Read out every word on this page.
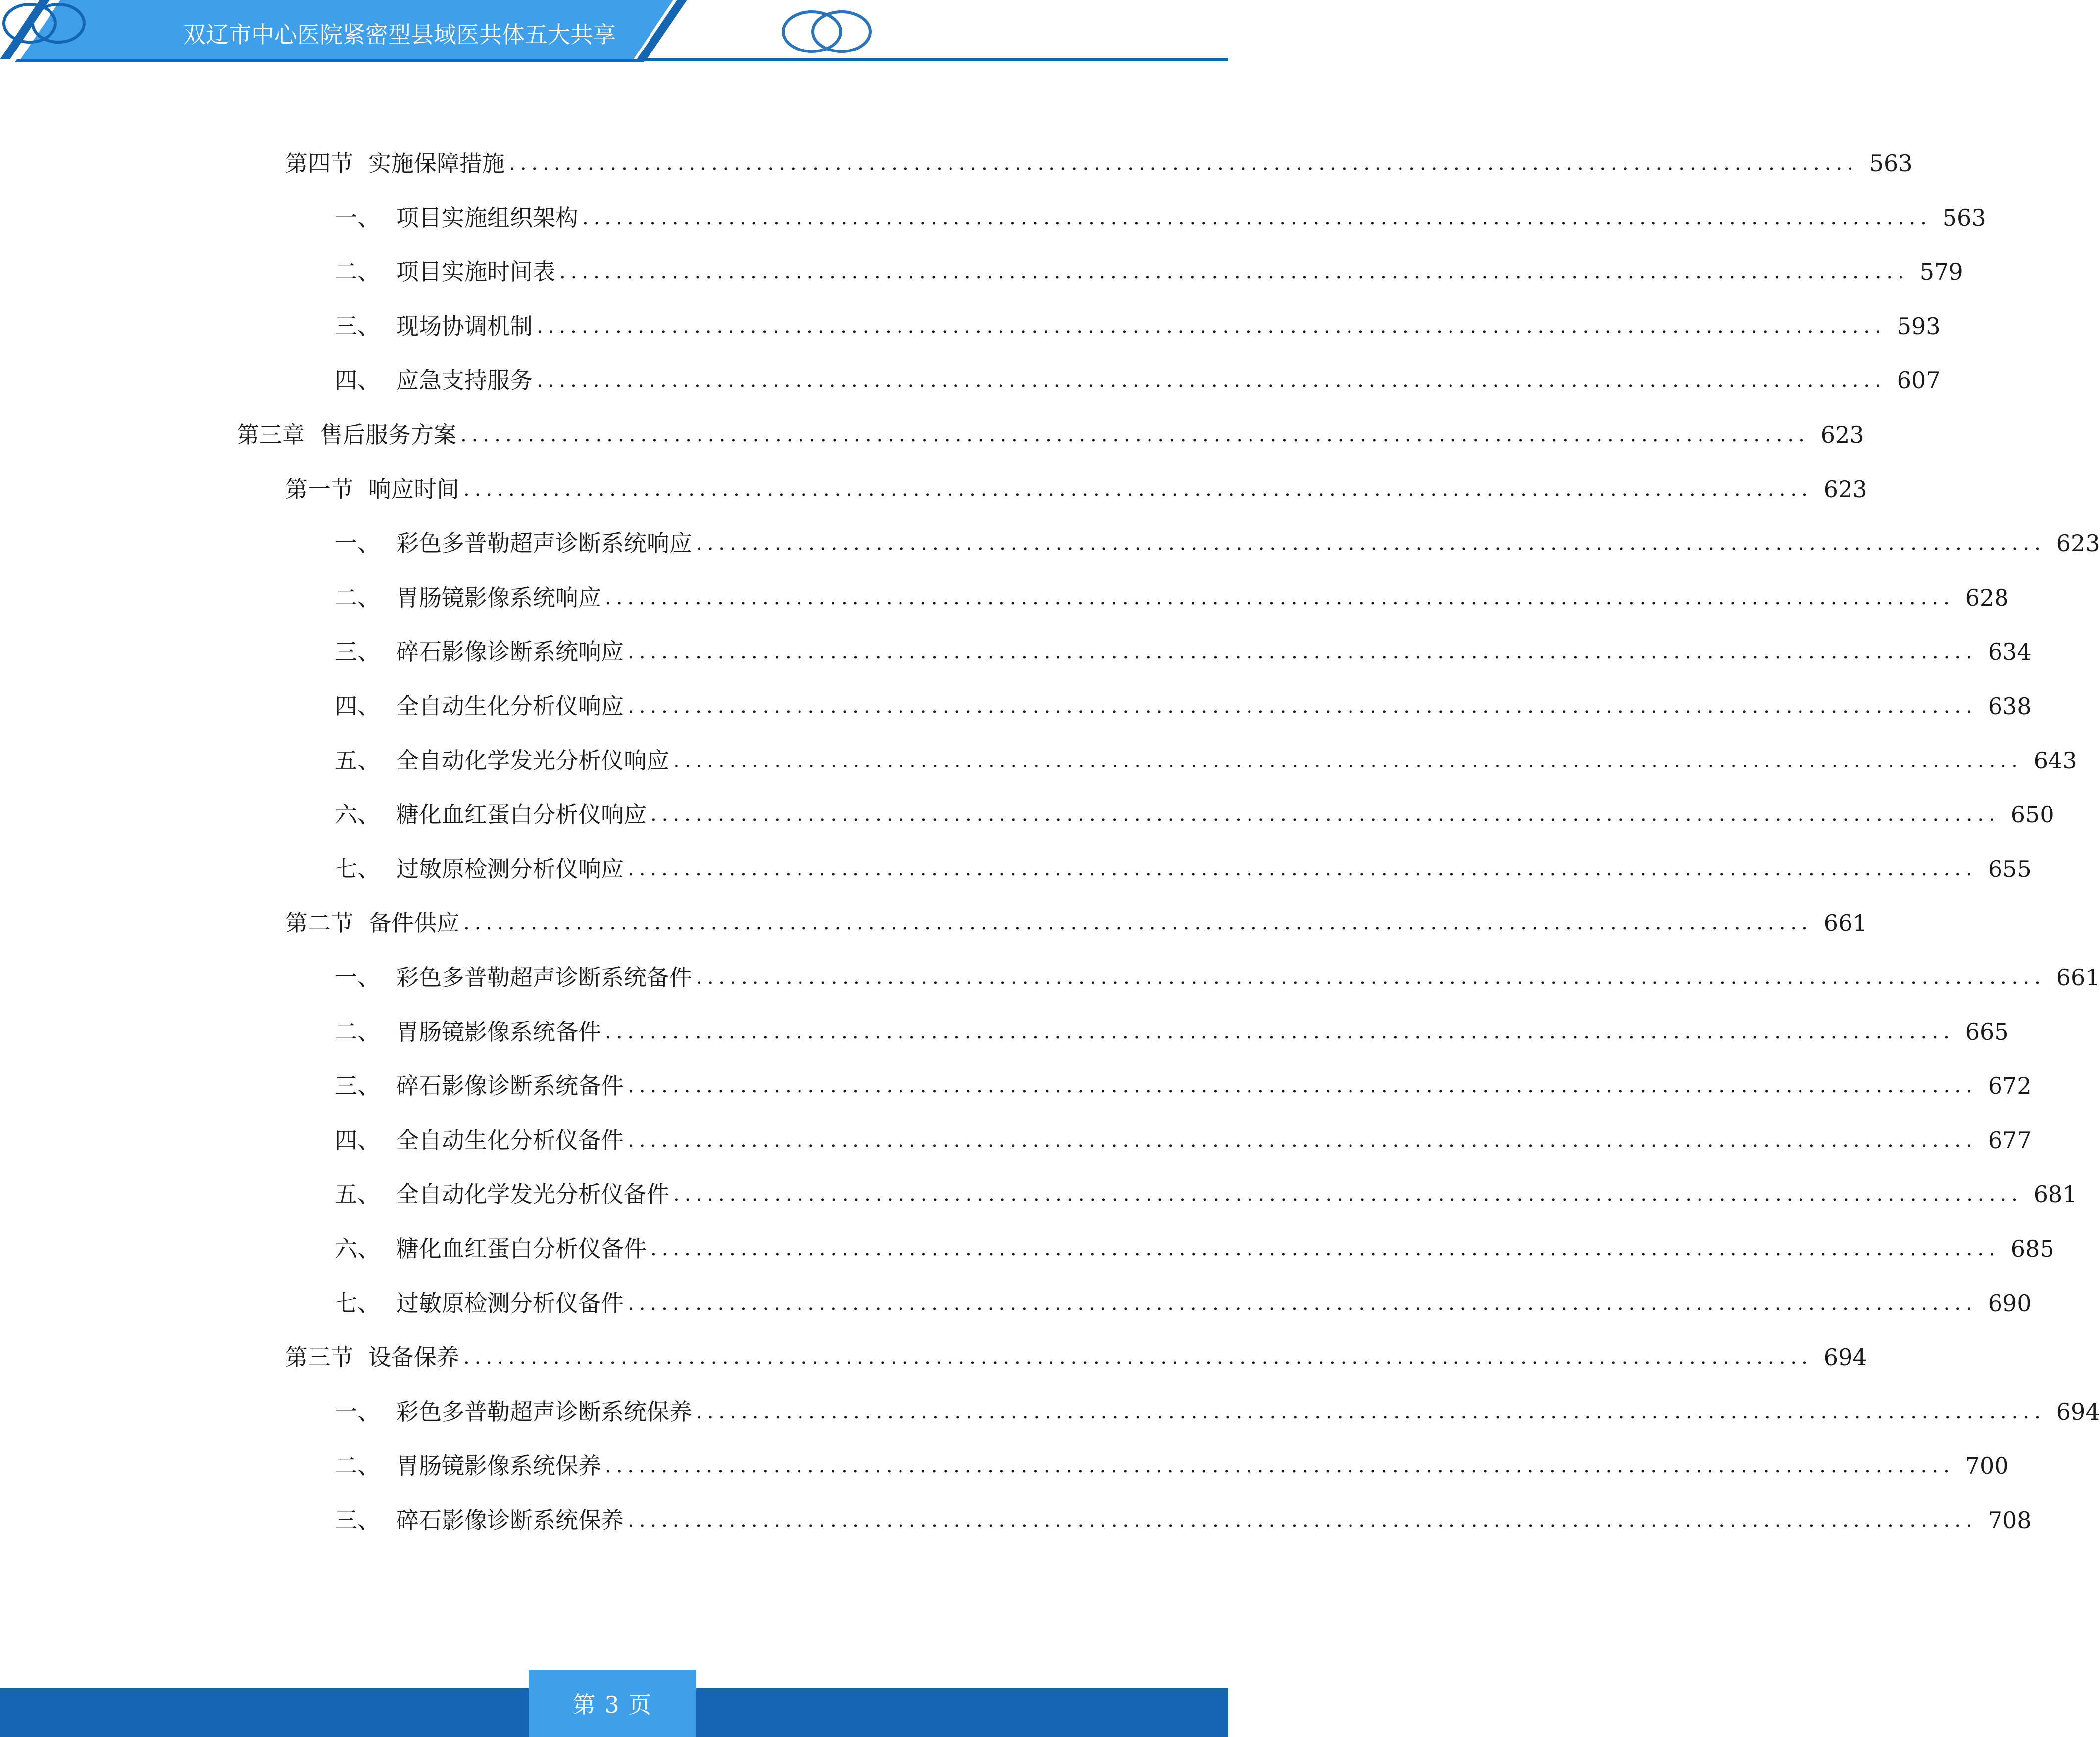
双辽市中心医院紧密型县域医共体五大共享
第四节 实施保障措施 ........................................................................................................................ 563
一、 项目实施组织架构 ........................................................................................................................ 563
二、 项目实施时间表 ........................................................................................................................ 579
三、 现场协调机制 ........................................................................................................................ 593
四、 应急支持服务 ........................................................................................................................ 607
第三章 售后服务方案 ........................................................................................................................ 623
第一节 响应时间 ........................................................................................................................ 623
一、 彩色多普勒超声诊断系统响应 ........................................................................................................................ 623
二、 胃肠镜影像系统响应 ........................................................................................................................ 628
三、 碎石影像诊断系统响应 ........................................................................................................................ 634
四、 全自动生化分析仪响应 ........................................................................................................................ 638
五、 全自动化学发光分析仪响应 ........................................................................................................................ 643
六、 糖化血红蛋白分析仪响应 ........................................................................................................................ 650
七、 过敏原检测分析仪响应 ........................................................................................................................ 655
第二节 备件供应 ........................................................................................................................ 661
一、 彩色多普勒超声诊断系统备件 ........................................................................................................................ 661
二、 胃肠镜影像系统备件 ........................................................................................................................ 665
三、 碎石影像诊断系统备件 ........................................................................................................................ 672
四、 全自动生化分析仪备件 ........................................................................................................................ 677
五、 全自动化学发光分析仪备件 ........................................................................................................................ 681
六、 糖化血红蛋白分析仪备件 ........................................................................................................................ 685
七、 过敏原检测分析仪备件 ........................................................................................................................ 690
第三节 设备保养 ........................................................................................................................ 694
一、 彩色多普勒超声诊断系统保养 ........................................................................................................................ 694
二、 胃肠镜影像系统保养 ........................................................................................................................ 700
三、 碎石影像诊断系统保养 ........................................................................................................................ 708
第 3 页
